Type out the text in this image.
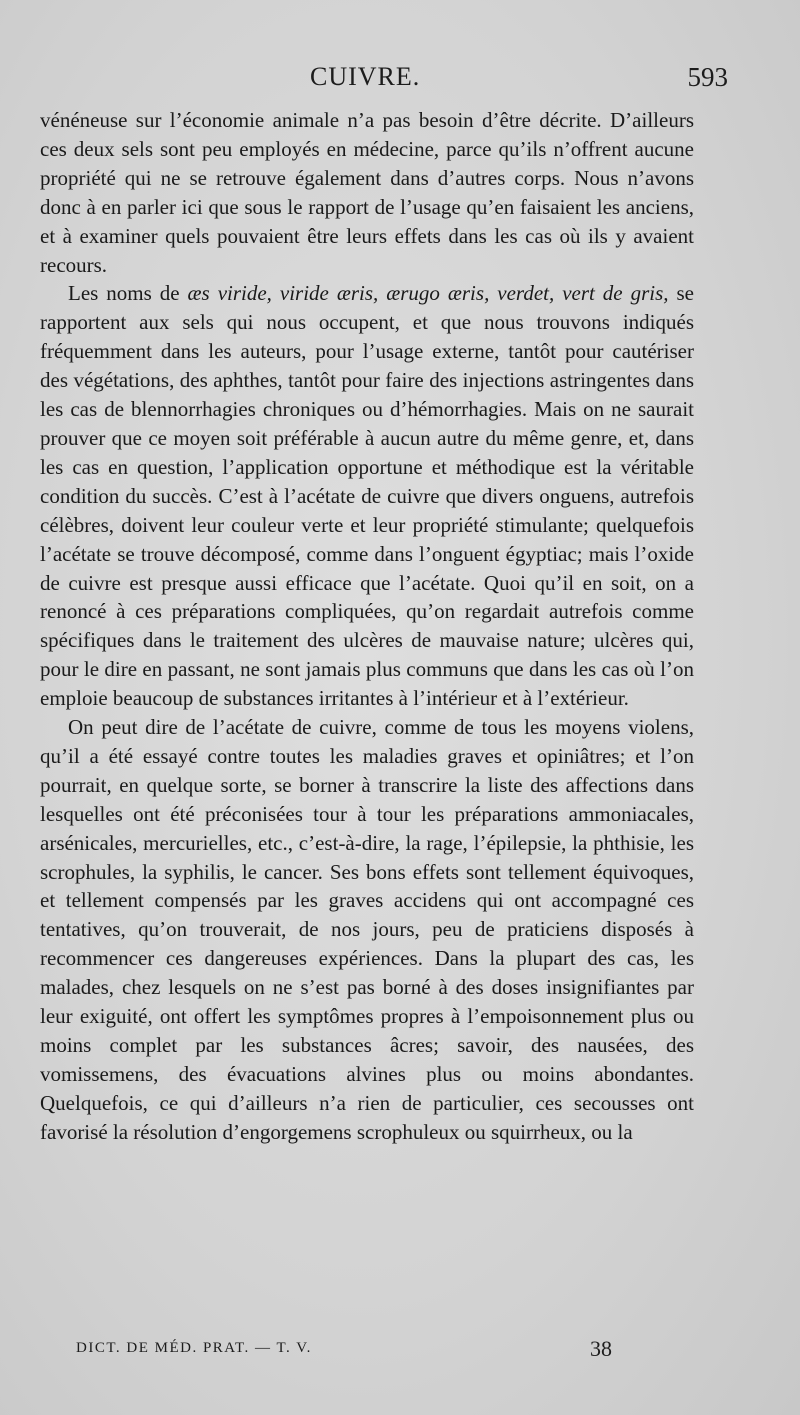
CUIVRE.	593

vénéneuse sur l’économie animale n’a pas besoin d’être décrite. D’ailleurs ces deux sels sont peu employés en médecine, parce qu’ils n’offrent aucune propriété qui ne se retrouve également dans d’autres corps. Nous n’avons donc à en parler ici que sous le rapport de l’usage qu’en faisaient les anciens, et à examiner quels pouvaient être leurs effets dans les cas où ils y avaient recours.

Les noms de æs viride, viride æris, ærugo æris, verdet, vert de gris, se rapportent aux sels qui nous occupent, et que nous trouvons indiqués fréquemment dans les auteurs, pour l’usage externe, tantôt pour cautériser des végétations, des aphthes, tantôt pour faire des injections astringentes dans les cas de blennorrhagies chroniques ou d’hémorrhagies. Mais on ne saurait prouver que ce moyen soit préférable à aucun autre du même genre, et, dans les cas en question, l’application opportune et méthodique est la véritable condition du succès. C’est à l’acétate de cuivre que divers onguens, autrefois célèbres, doivent leur couleur verte et leur propriété stimulante; quelquefois l’acétate se trouve décomposé, comme dans l’onguent égyptiac; mais l’oxide de cuivre est presque aussi efficace que l’acétate. Quoi qu’il en soit, on a renoncé à ces préparations compliquées, qu’on regardait autrefois comme spécifiques dans le traitement des ulcères de mauvaise nature; ulcères qui, pour le dire en passant, ne sont jamais plus communs que dans les cas où l’on emploie beaucoup de substances irritantes à l’intérieur et à l’extérieur.

On peut dire de l’acétate de cuivre, comme de tous les moyens violens, qu’il a été essayé contre toutes les maladies graves et opiniâtres; et l’on pourrait, en quelque sorte, se borner à transcrire la liste des affections dans lesquelles ont été préconisées tour à tour les préparations ammoniacales, arsénicales, mercurielles, etc., c’est-à-dire, la rage, l’épilepsie, la phthisie, les scrophules, la syphilis, le cancer. Ses bons effets sont tellement équivoques, et tellement compensés par les graves accidens qui ont accompagné ces tentatives, qu’on trouverait, de nos jours, peu de praticiens disposés à recommencer ces dangereuses expériences. Dans la plupart des cas, les malades, chez lesquels on ne s’est pas borné à des doses insignifiantes par leur exiguité, ont offert les symptômes propres à l’empoisonnement plus ou moins complet par les substances âcres; savoir, des nausées, des vomissemens, des évacuations alvines plus ou moins abondantes. Quelquefois, ce qui d’ailleurs n’a rien de particulier, ces secousses ont favorisé la résolution d’engorgemens scrophuleux ou squirrheux, ou la

DICT. DE MÉD. PRAT. — T. V.	38
